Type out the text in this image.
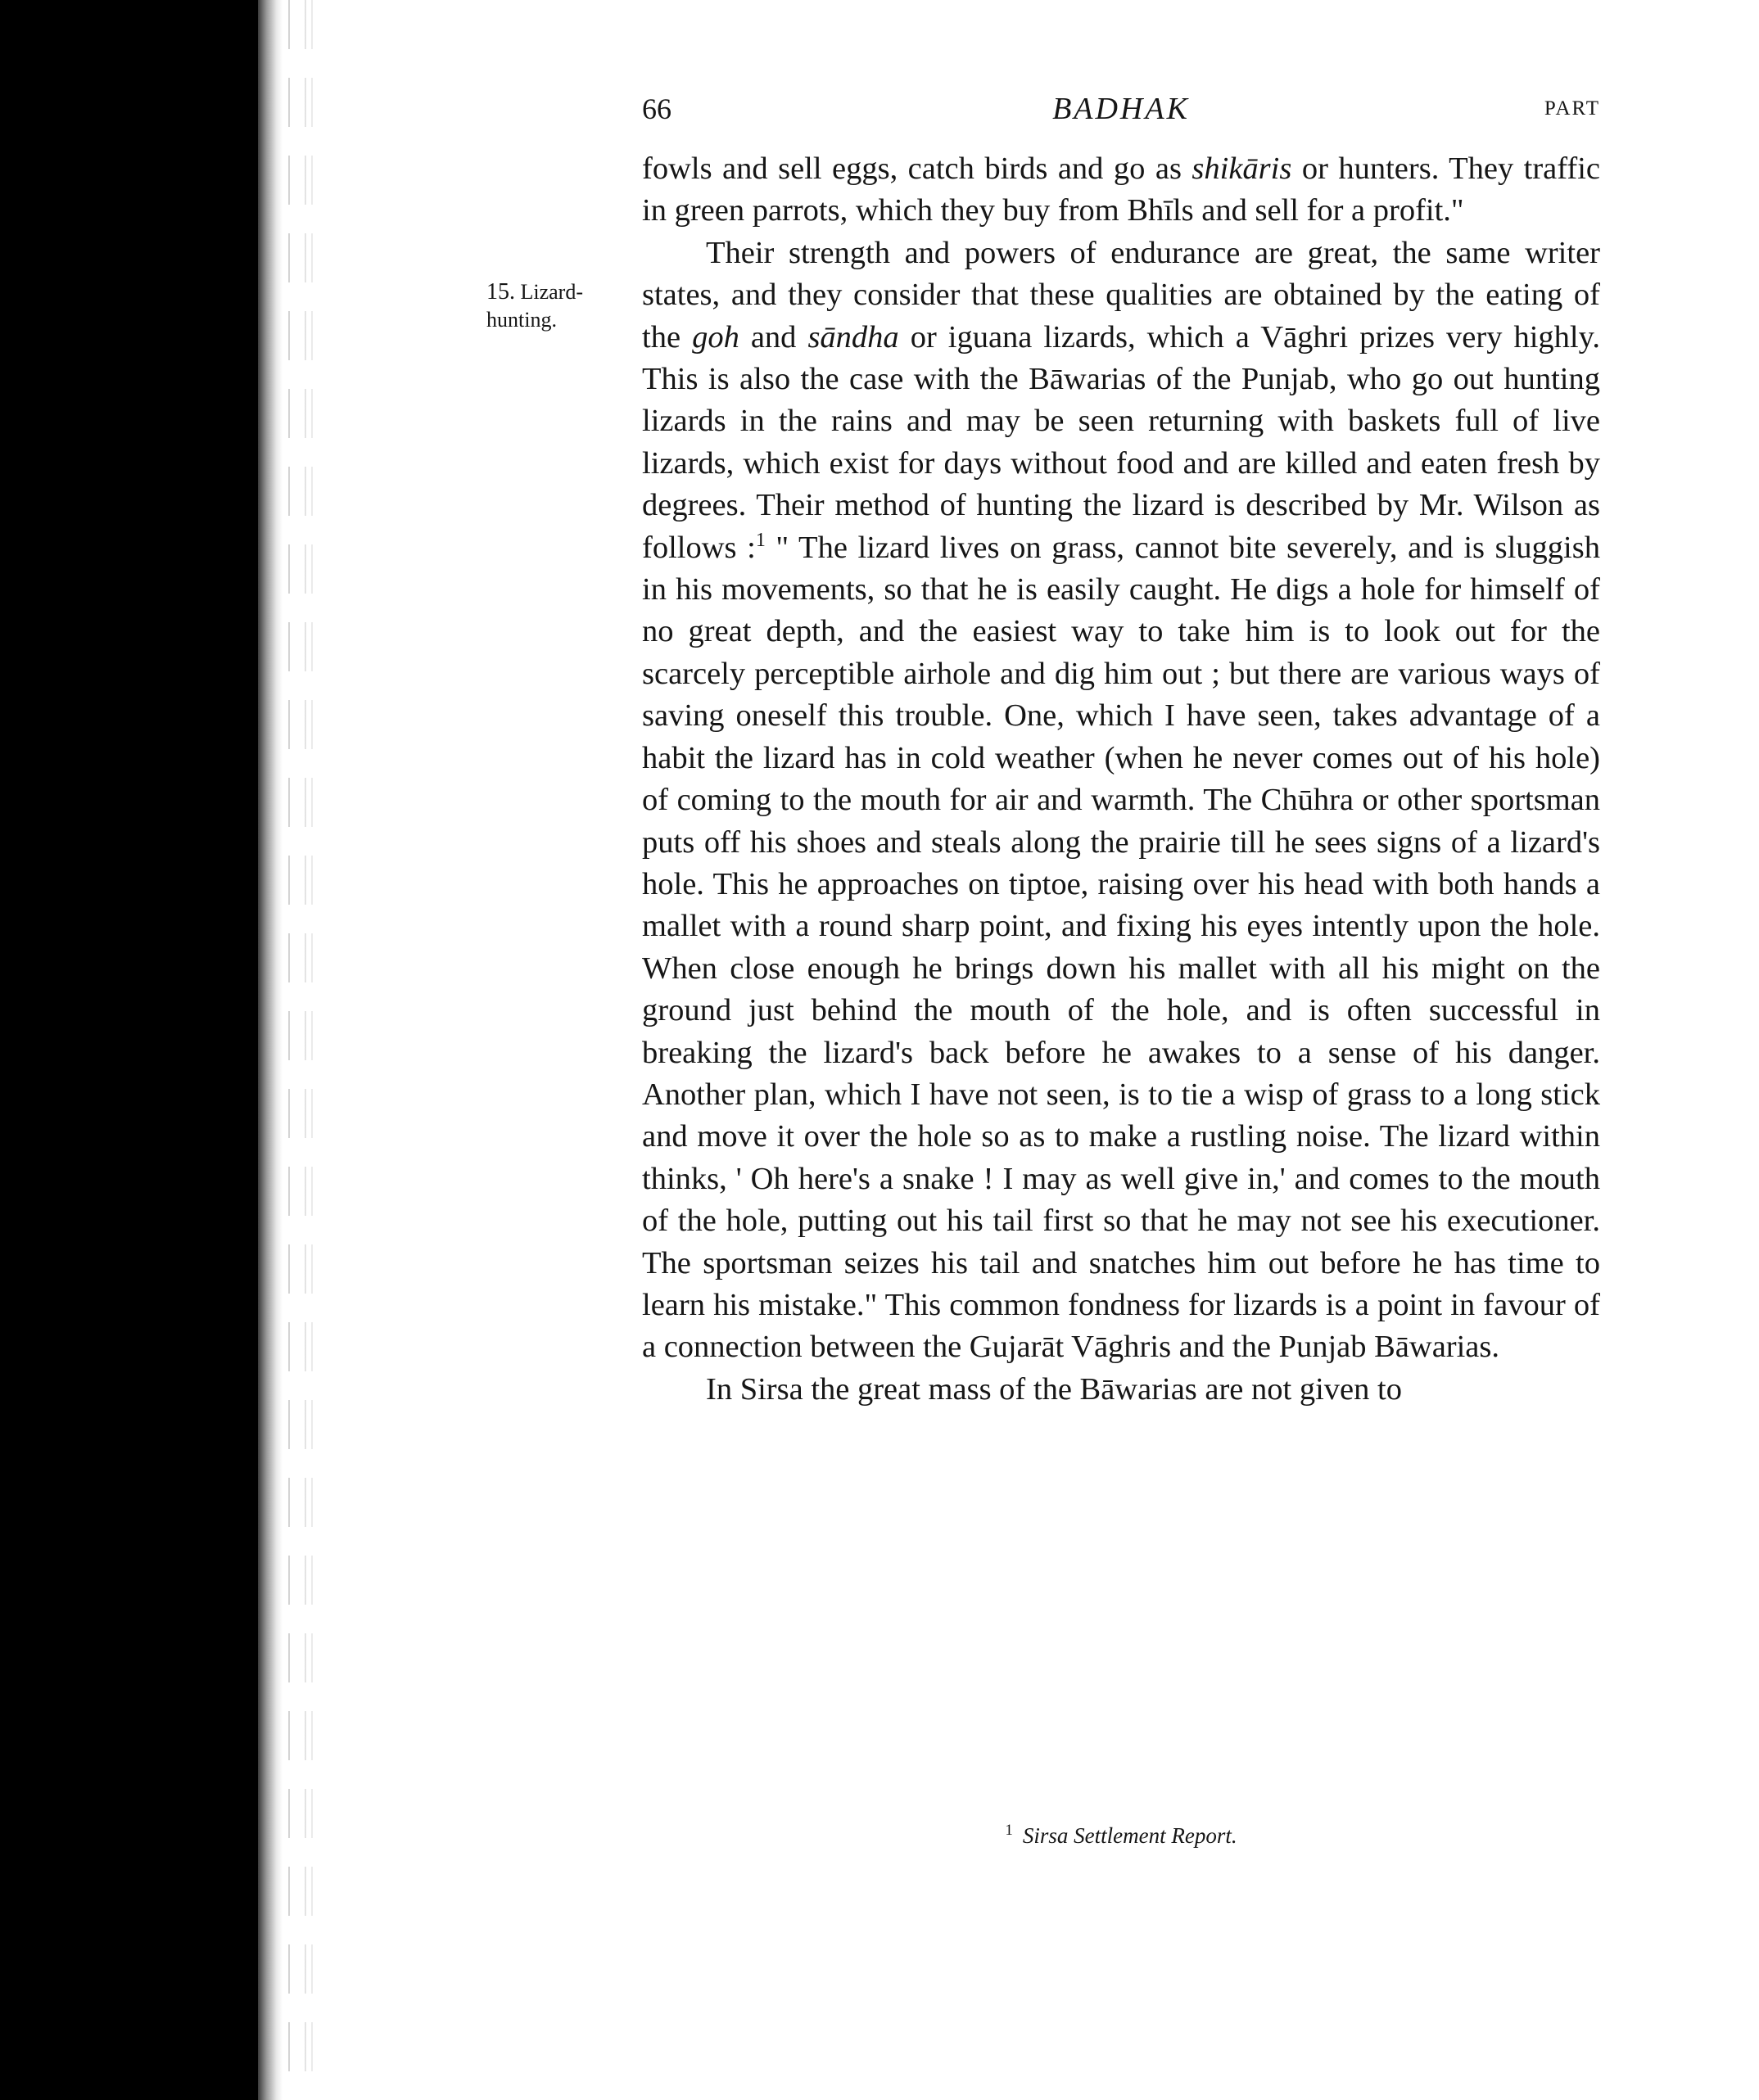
66	BADHAK	PART
15. Lizard-
hunting.

fowls and sell eggs, catch birds and go as shikāris or hunters. They traffic in green parrots, which they buy from Bhīls and sell for a profit."

Their strength and powers of endurance are great, the same writer states, and they consider that these qualities are obtained by the eating of the goh and sāndha or iguana lizards, which a Vāghri prizes very highly. This is also the case with the Bāwarias of the Punjab, who go out hunting lizards in the rains and may be seen returning with baskets full of live lizards, which exist for days without food and are killed and eaten fresh by degrees. Their method of hunting the lizard is described by Mr. Wilson as follows :$^1$ " The lizard lives on grass, cannot bite severely, and is sluggish in his movements, so that he is easily caught. He digs a hole for himself of no great depth, and the easiest way to take him is to look out for the scarcely perceptible airhole and dig him out ; but there are various ways of saving oneself this trouble. One, which I have seen, takes advantage of a habit the lizard has in cold weather (when he never comes out of his hole) of coming to the mouth for air and warmth. The Chūhra or other sportsman puts off his shoes and steals along the prairie till he sees signs of a lizard's hole. This he approaches on tiptoe, raising over his head with both hands a mallet with a round sharp point, and fixing his eyes intently upon the hole. When close enough he brings down his mallet with all his might on the ground just behind the mouth of the hole, and is often successful in breaking the lizard's back before he awakes to a sense of his danger. Another plan, which I have not seen, is to tie a wisp of grass to a long stick and move it over the hole so as to make a rustling noise. The lizard within thinks, ' Oh here's a snake ! I may as well give in,' and comes to the mouth of the hole, putting out his tail first so that he may not see his executioner. The sportsman seizes his tail and snatches him out before he has time to learn his mistake." This common fondness for lizards is a point in favour of a connection between the Gujarāt Vāghris and the Punjab Bāwarias.

In Sirsa the great mass of the Bāwarias are not given to

$^1$ Sirsa Settlement Report.
